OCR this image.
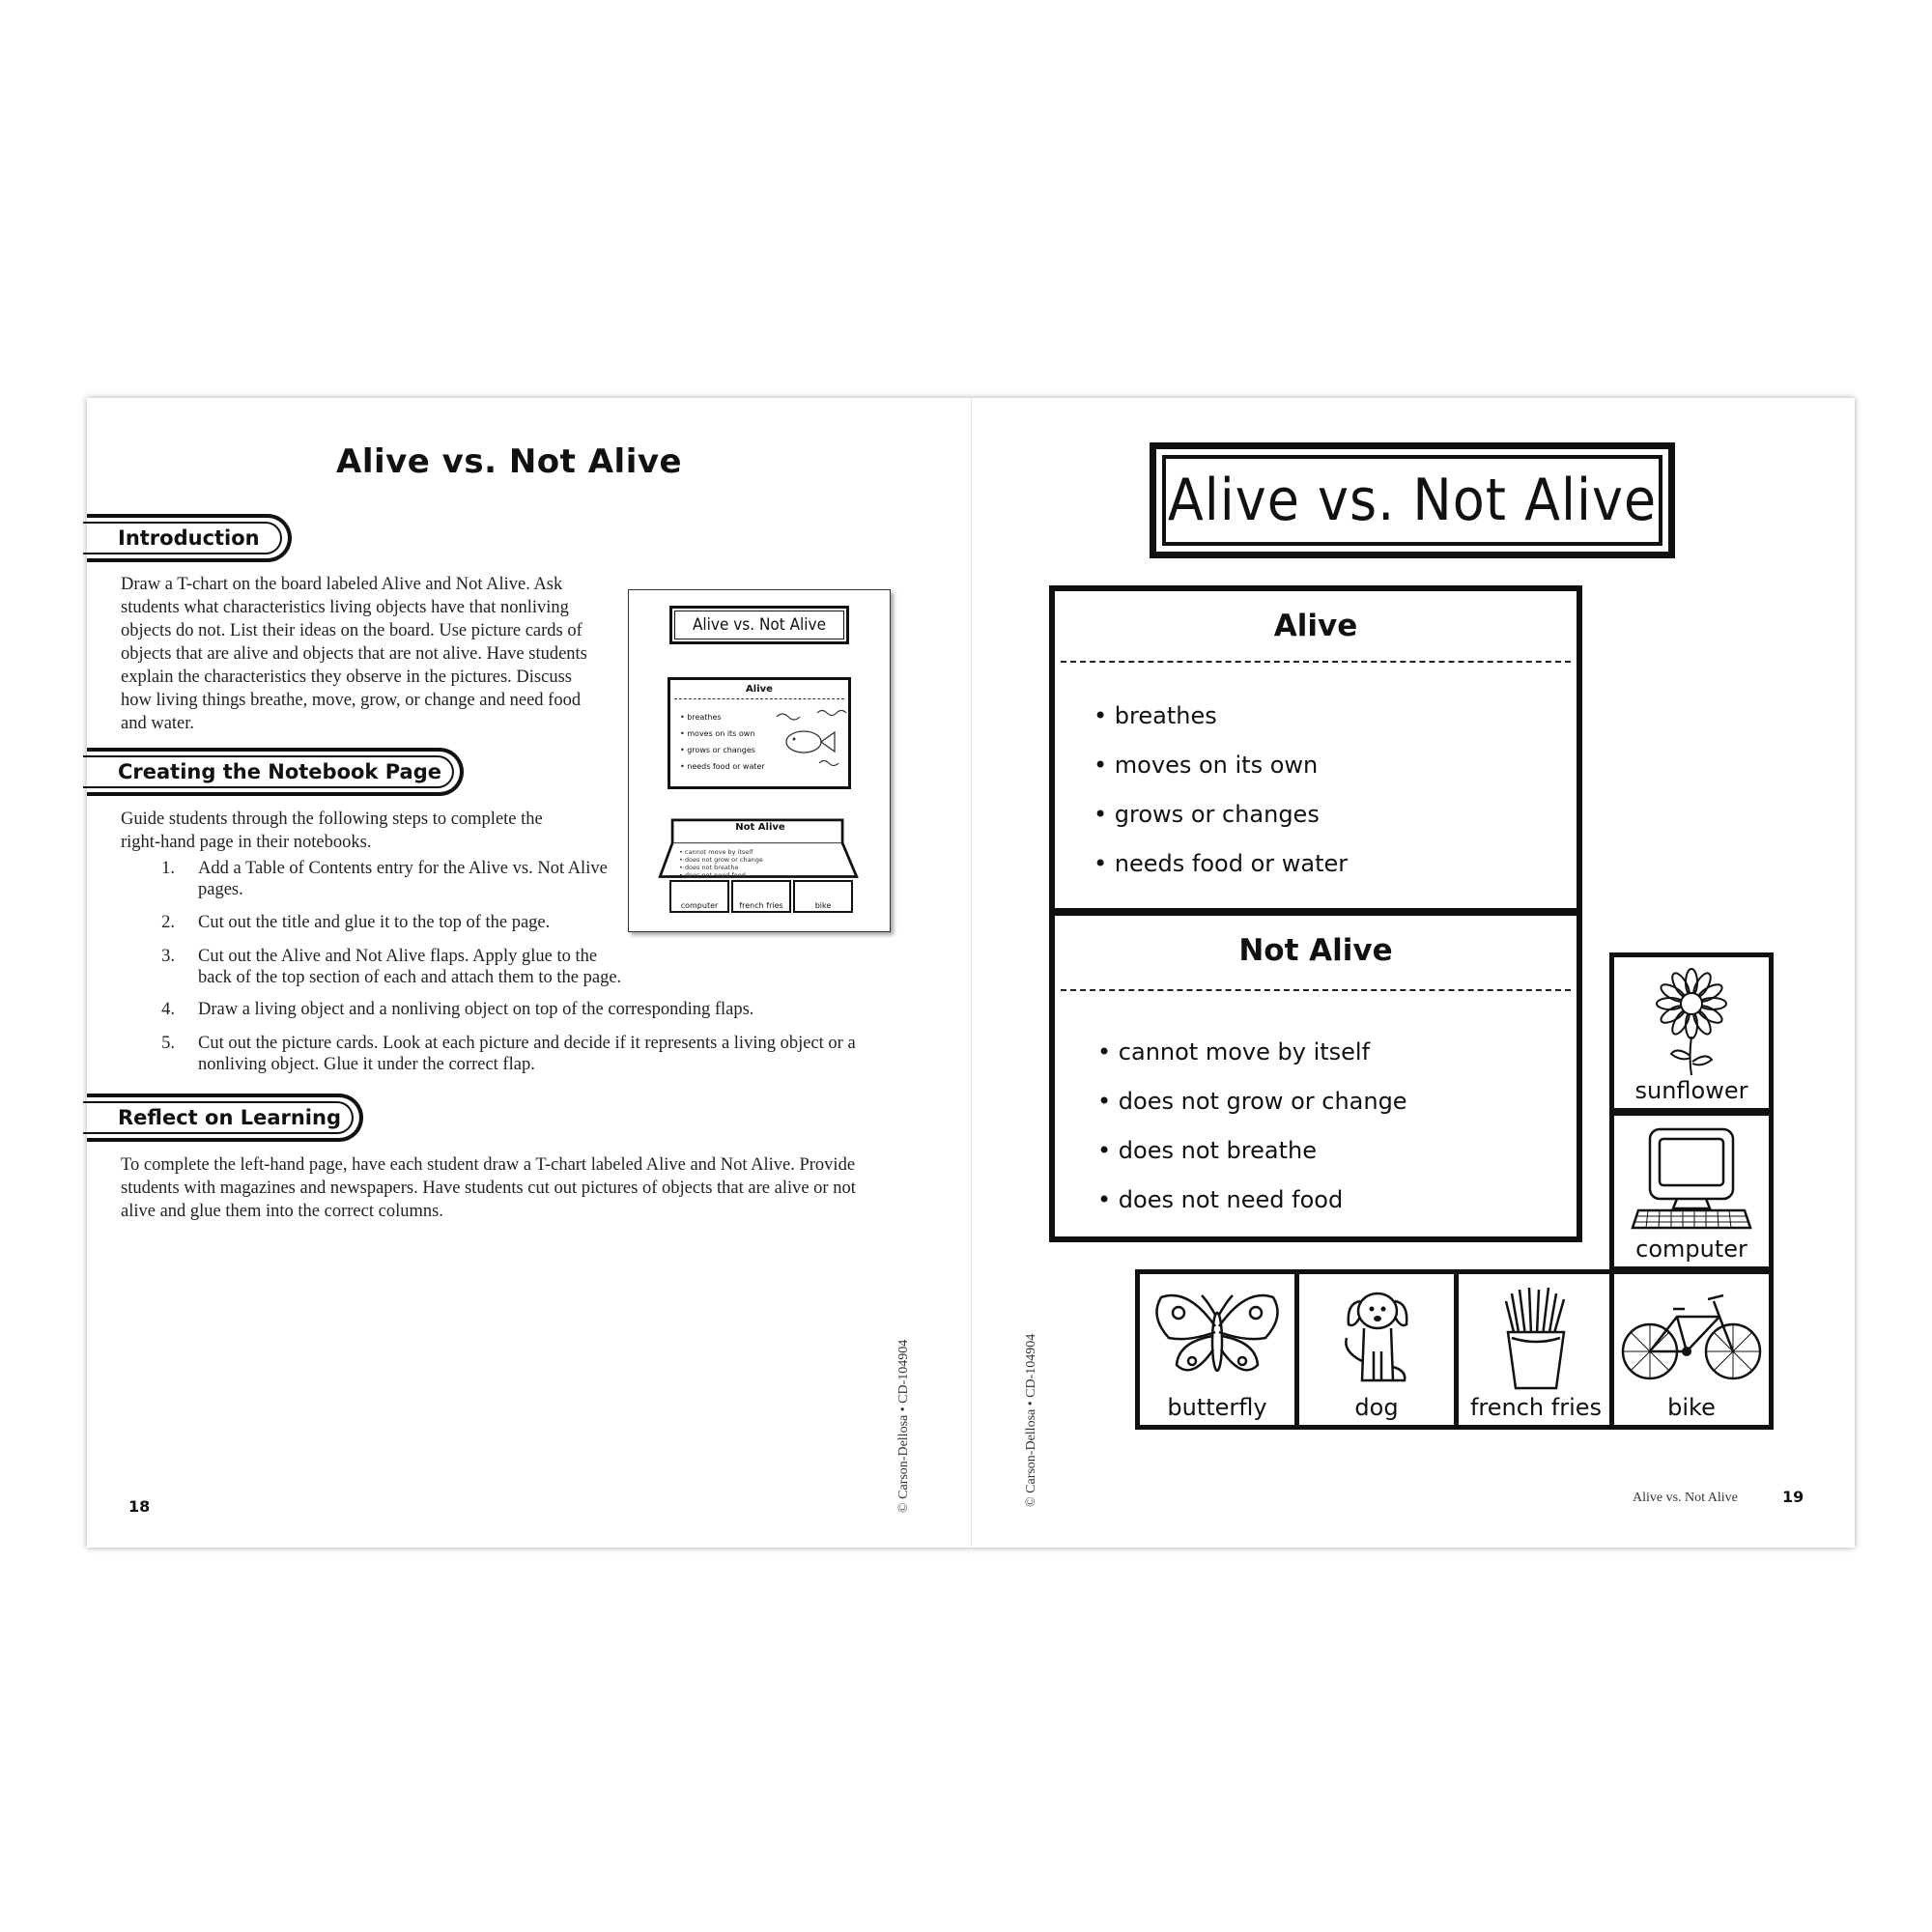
Alive vs. Not Alive
Introduction
Draw a T-chart on the board labeled Alive and Not Alive. Ask
students what characteristics living objects have that nonliving
objects do not. List their ideas on the board. Use picture cards of
objects that are alive and objects that are not alive. Have students
explain the characteristics they observe in the pictures. Discuss
how living things breathe, move, grow, or change and need food
and water.
Creating the Notebook Page
Guide students through the following steps to complete the
right-hand page in their notebooks.
1.	Add a Table of Contents entry for the Alive vs. Not Alive
pages.
2.	Cut out the title and glue it to the top of the page.
3.	Cut out the Alive and Not Alive flaps. Apply glue to the
back of the top section of each and attach them to the page.
4.	Draw a living object and a nonliving object on top of the corresponding flaps.
5.	Cut out the picture cards. Look at each picture and decide if it represents a living object or a
nonliving object. Glue it under the correct flap.
Reflect on Learning
To complete the left-hand page, have each student draw a T-chart labeled Alive and Not Alive. Provide
students with magazines and newspapers. Have students cut out pictures of objects that are alive or not
alive and glue them into the correct columns.
Alive vs. Not Alive
Alive
• breathes
• moves on its own
• grows or changes
• needs food or water
Not Alive
• cannot move by itself
• does not grow or change
• does not breathe
• does not need food
computer	french fries	bike
© Carson-Dellosa • CD-104904
18
Alive vs. Not Alive
Alive
• breathes
• moves on its own
• grows or changes
• needs food or water
Not Alive
• cannot move by itself
• does not grow or change
• does not breathe
• does not need food
sunflower
computer
butterfly	dog	french fries	bike
© Carson-Dellosa • CD-104904	Alive vs. Not Alive	19
